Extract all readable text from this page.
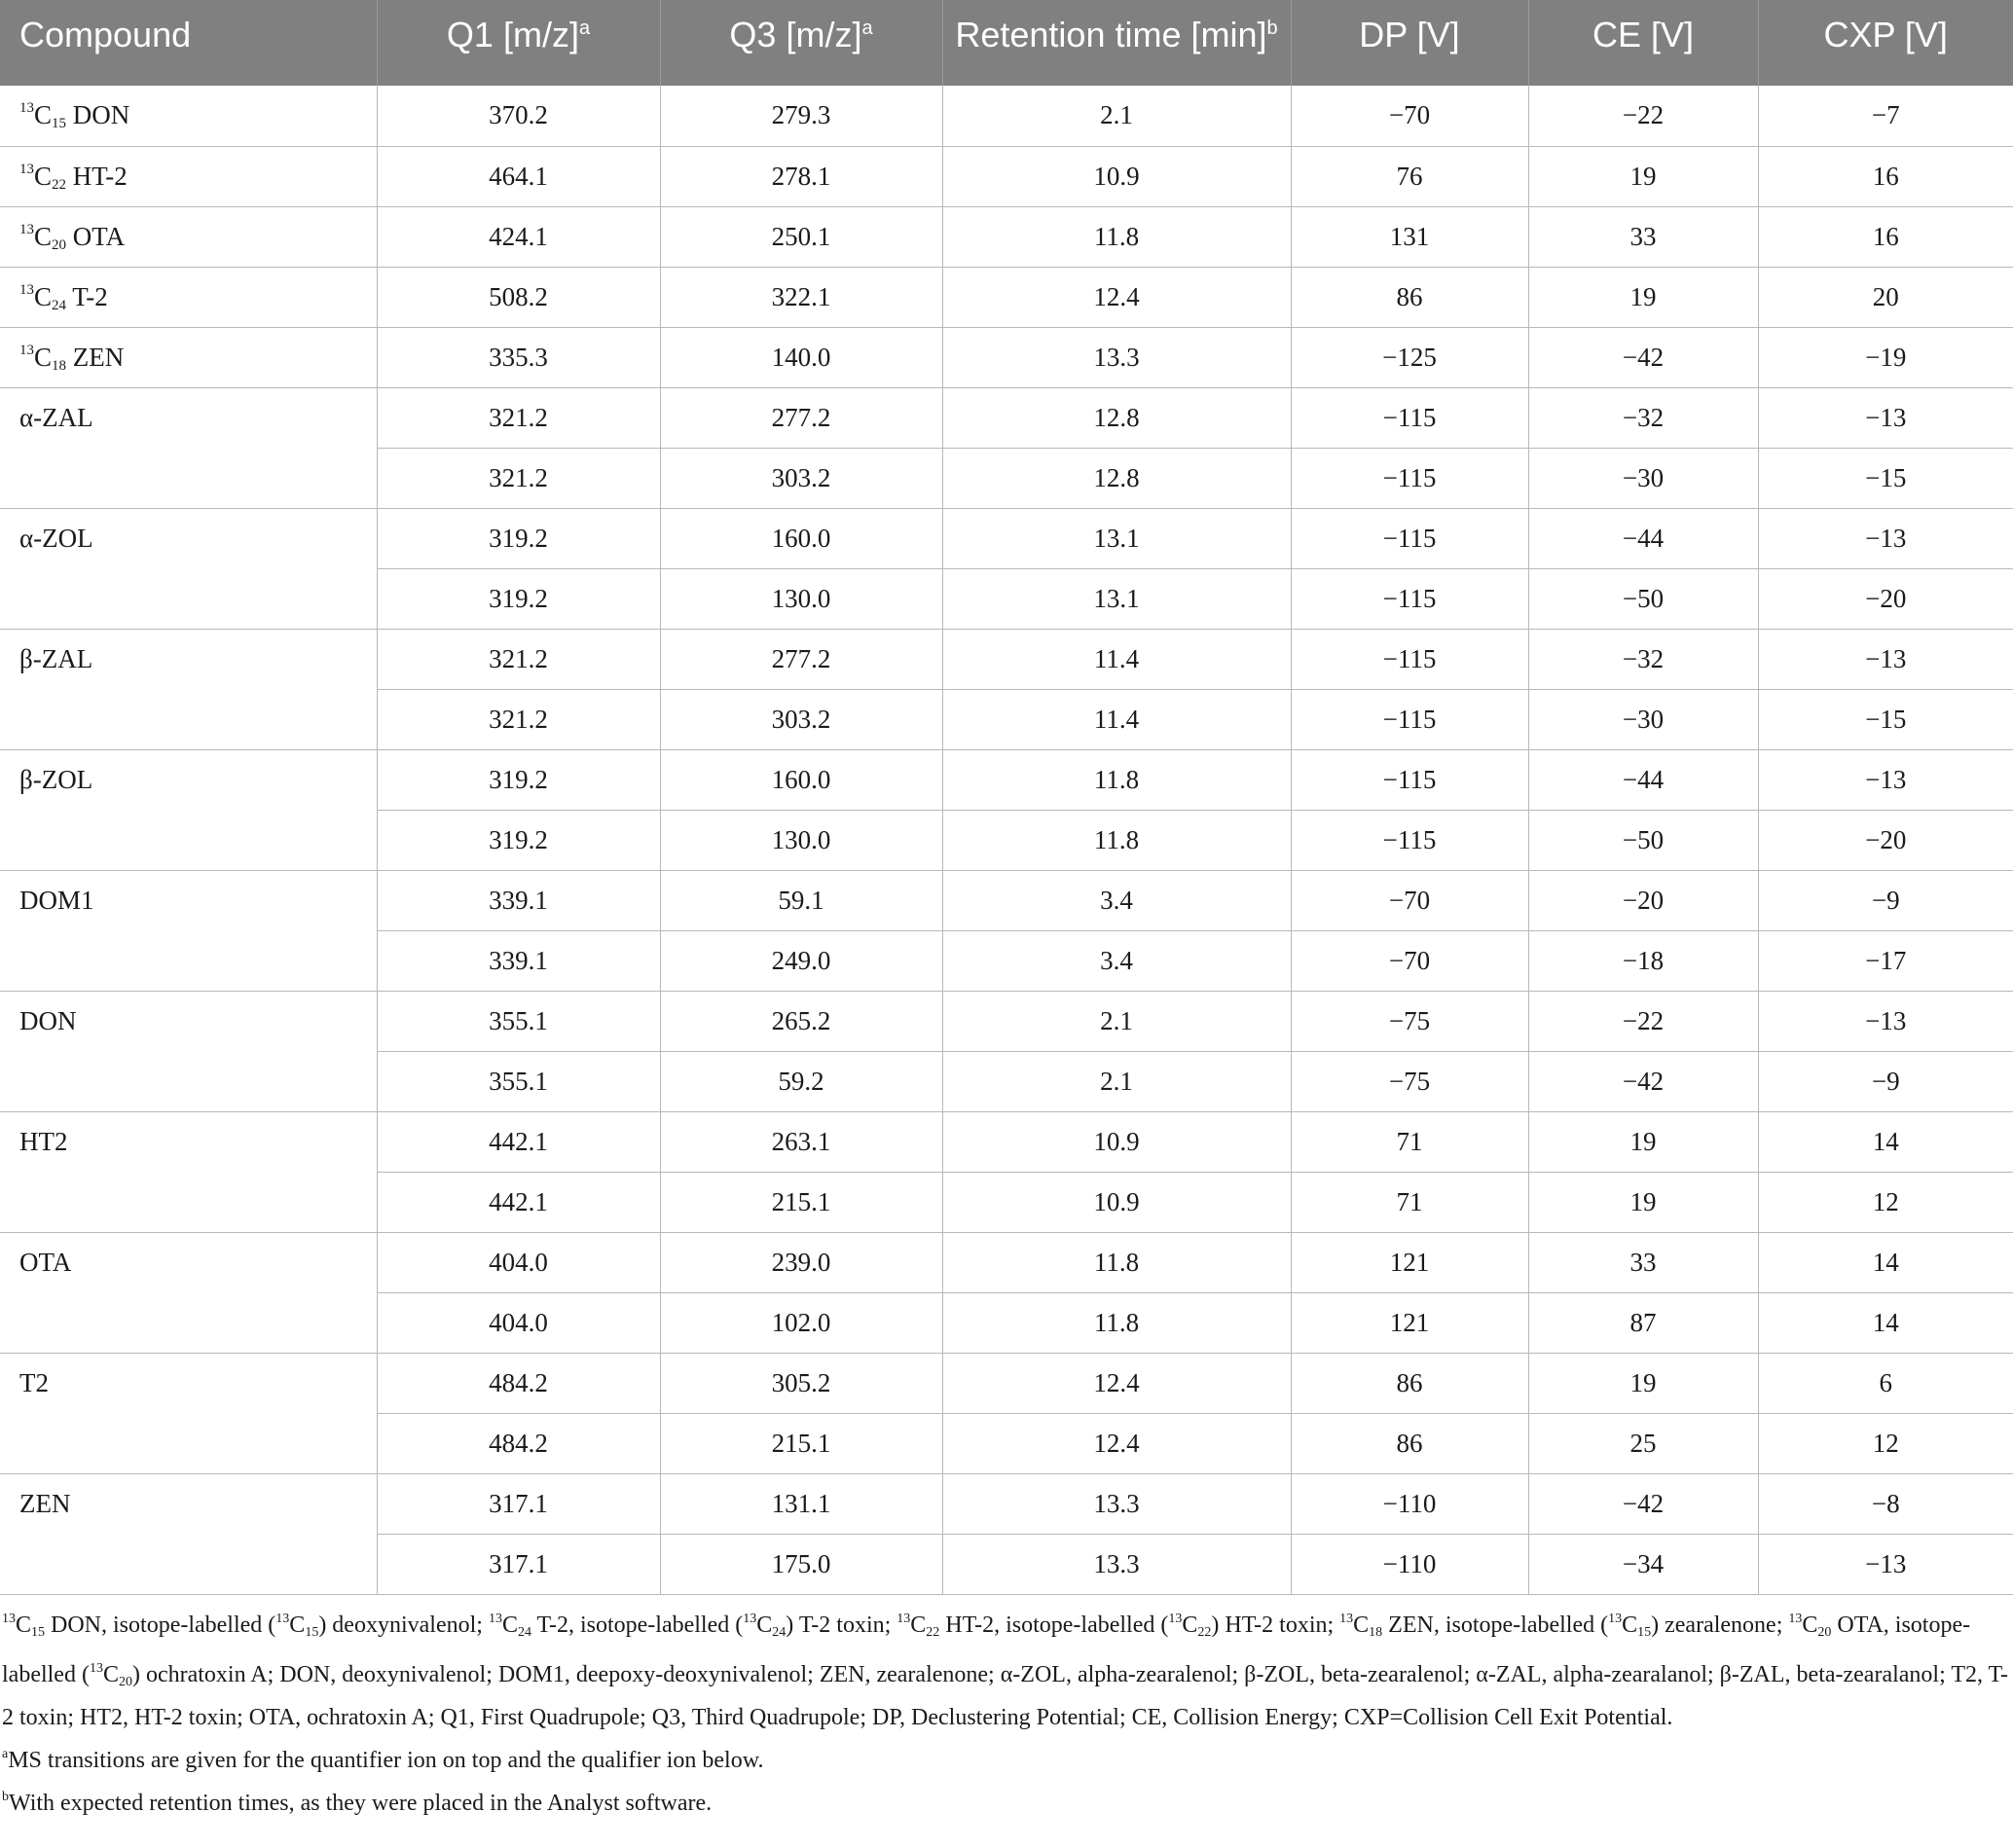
Compound	Q1 $[m/z]^a$	Q3 $[m/z]^a$	Retention time $[\min]^b$	DP [V]	CE [V]	CXP [V]
$^{13}$C15 DON	370.2	279.3	2.1	−70	−22	−7
$^{13}$C22 HT-2	464.1	278.1	10.9	76	19	16
$^{13}$C20 OTA	424.1	250.1	11.8	131	33	16
$^{13}$C24 T-2	508.2	322.1	12.4	86	19	20
$^{13}$C18 ZEN	335.3	140.0	13.3	−125	−42	−19
α-ZAL	321.2	277.2	12.8	−115	−32	−13
	321.2	303.2	12.8	−115	−30	−15
α-ZOL	319.2	160.0	13.1	−115	−44	−13
	319.2	130.0	13.1	−115	−50	−20
β-ZAL	321.2	277.2	11.4	−115	−32	−13
	321.2	303.2	11.4	−115	−30	−15
β-ZOL	319.2	160.0	11.8	−115	−44	−13
	319.2	130.0	11.8	−115	−50	−20
DOM1	339.1	59.1	3.4	−70	−20	−9
	339.1	249.0	3.4	−70	−18	−17
DON	355.1	265.2	2.1	−75	−22	−13
	355.1	59.2	2.1	−75	−42	−9
HT2	442.1	263.1	10.9	71	19	14
	442.1	215.1	10.9	71	19	12
OTA	404.0	239.0	11.8	121	33	14
	404.0	102.0	11.8	121	87	14
T2	484.2	305.2	12.4	86	19	6
	484.2	215.1	12.4	86	25	12
ZEN	317.1	131.1	13.3	−110	−42	−8
	317.1	175.0	13.3	−110	−34	−13

$^{13}$C15 DON, isotope-labelled ($^{13}$C15) deoxynivalenol; $^{13}$C24 T-2, isotope-labelled ($^{13}$C24) T-2 toxin; $^{13}$C22 HT-2, isotope-labelled ($^{13}$C22) HT-2 toxin; $^{13}$C18 ZEN, isotope-labelled ($^{13}$C15) zearalenone; $^{13}$C20 OTA, isotope-labelled ($^{13}$C20) ochratoxin A; DON, deoxynivalenol; DOM1, deepoxy-deoxynivalenol; ZEN, zearalenone; α-ZOL, alpha-zearalenol; β-ZOL, beta-zearalenol; α-ZAL, alpha-zearalanol; β-ZAL, beta-zearalanol; T2, T-2 toxin; HT2, HT-2 toxin; OTA, ochratoxin A; Q1, First Quadrupole; Q3, Third Quadrupole; DP, Declustering Potential; CE, Collision Energy; CXP=Collision Cell Exit Potential.

$^a$MS transitions are given for the quantifier ion on top and the qualifier ion below.

$^b$With expected retention times, as they were placed in the Analyst software.
